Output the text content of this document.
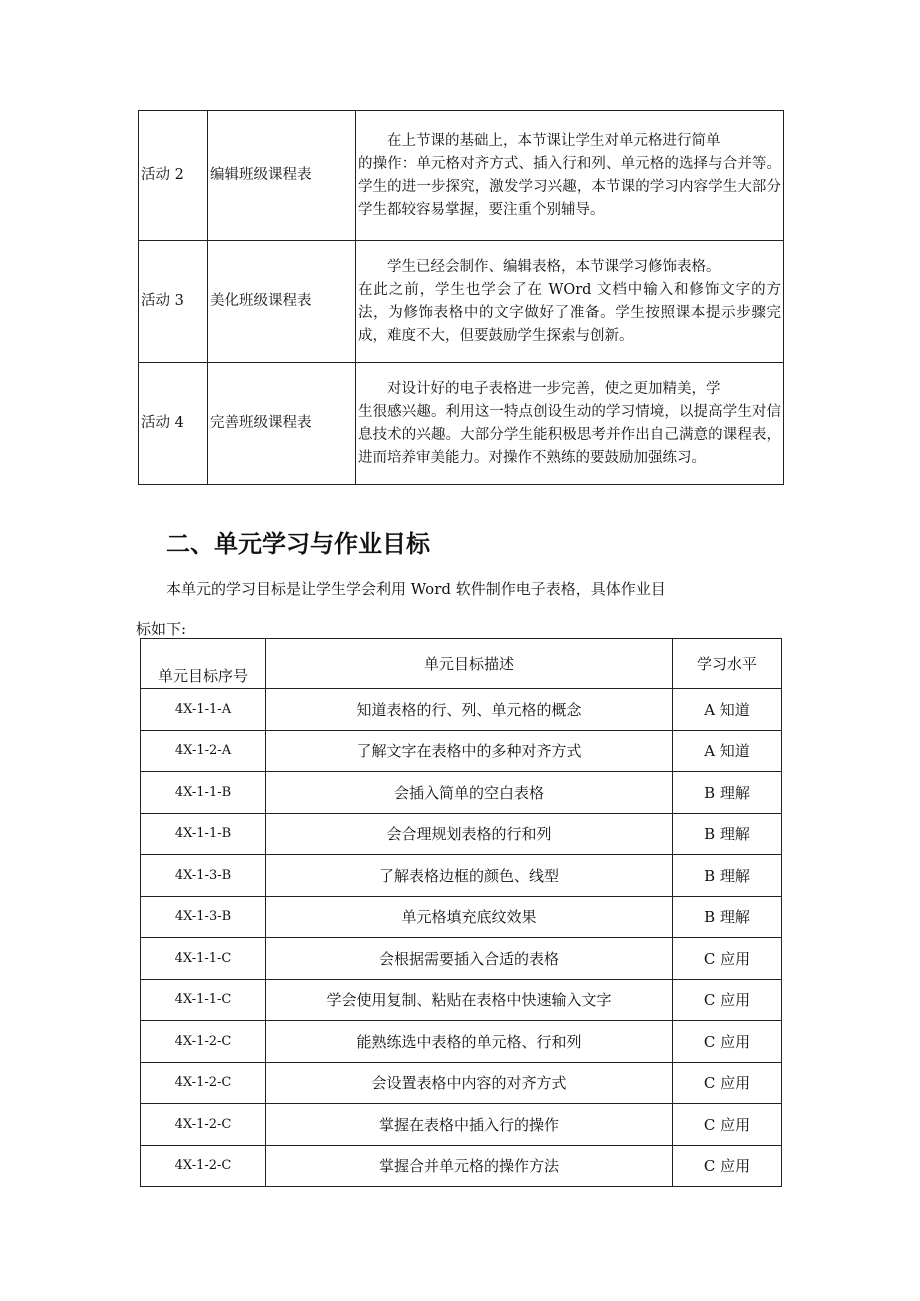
活动 2	编辑班级课程表	在上节课的基础上，本节课让学生对单元格进行简单
的操作：单元格对齐方式、插入行和列、单元格的选择与合并等。学生的进一步探究，激发学习兴趣，本节课的学习内容学生大部分学生都较容易掌握，要注重个别辅导。
活动 3	美化班级课程表	学生已经会制作、编辑表格，本节课学习修饰表格。
在此之前，学生也学会了在 WOrd 文档中输入和修饰文字的方法，为修饰表格中的文字做好了准备。学生按照课本提示步骤完成，难度不大，但要鼓励学生探索与创新。
活动 4	完善班级课程表	对设计好的电子表格进一步完善，使之更加精美，学
生很感兴趣。利用这一特点创设生动的学习情境，以提高学生对信息技术的兴趣。大部分学生能积极思考并作出自己满意的课程表，进而培养审美能力。对操作不熟练的要鼓励加强练习。
二、单元学习与作业目标
本单元的学习目标是让学生学会利用 Word 软件制作电子表格，具体作业目
标如下:
单元目标序号	单元目标描述	学习水平
4X-1-1-A	知道表格的行、列、单元格的概念	A 知道
4X-1-2-A	了解文字在表格中的多种对齐方式	A 知道
4X-1-1-B	会插入简单的空白表格	B 理解
4X-1-1-B	会合理规划表格的行和列	B 理解
4X-1-3-B	了解表格边框的颜色、线型	B 理解
4X-1-3-B	单元格填充底纹效果	B 理解
4X-1-1-C	会根据需要插入合适的表格	C 应用
4X-1-1-C	学会使用复制、粘贴在表格中快速输入文字	C 应用
4X-1-2-C	能熟练选中表格的单元格、行和列	C 应用
4X-1-2-C	会设置表格中内容的对齐方式	C 应用
4X-1-2-C	掌握在表格中插入行的操作	C 应用
4X-1-2-C	掌握合并单元格的操作方法	C 应用
